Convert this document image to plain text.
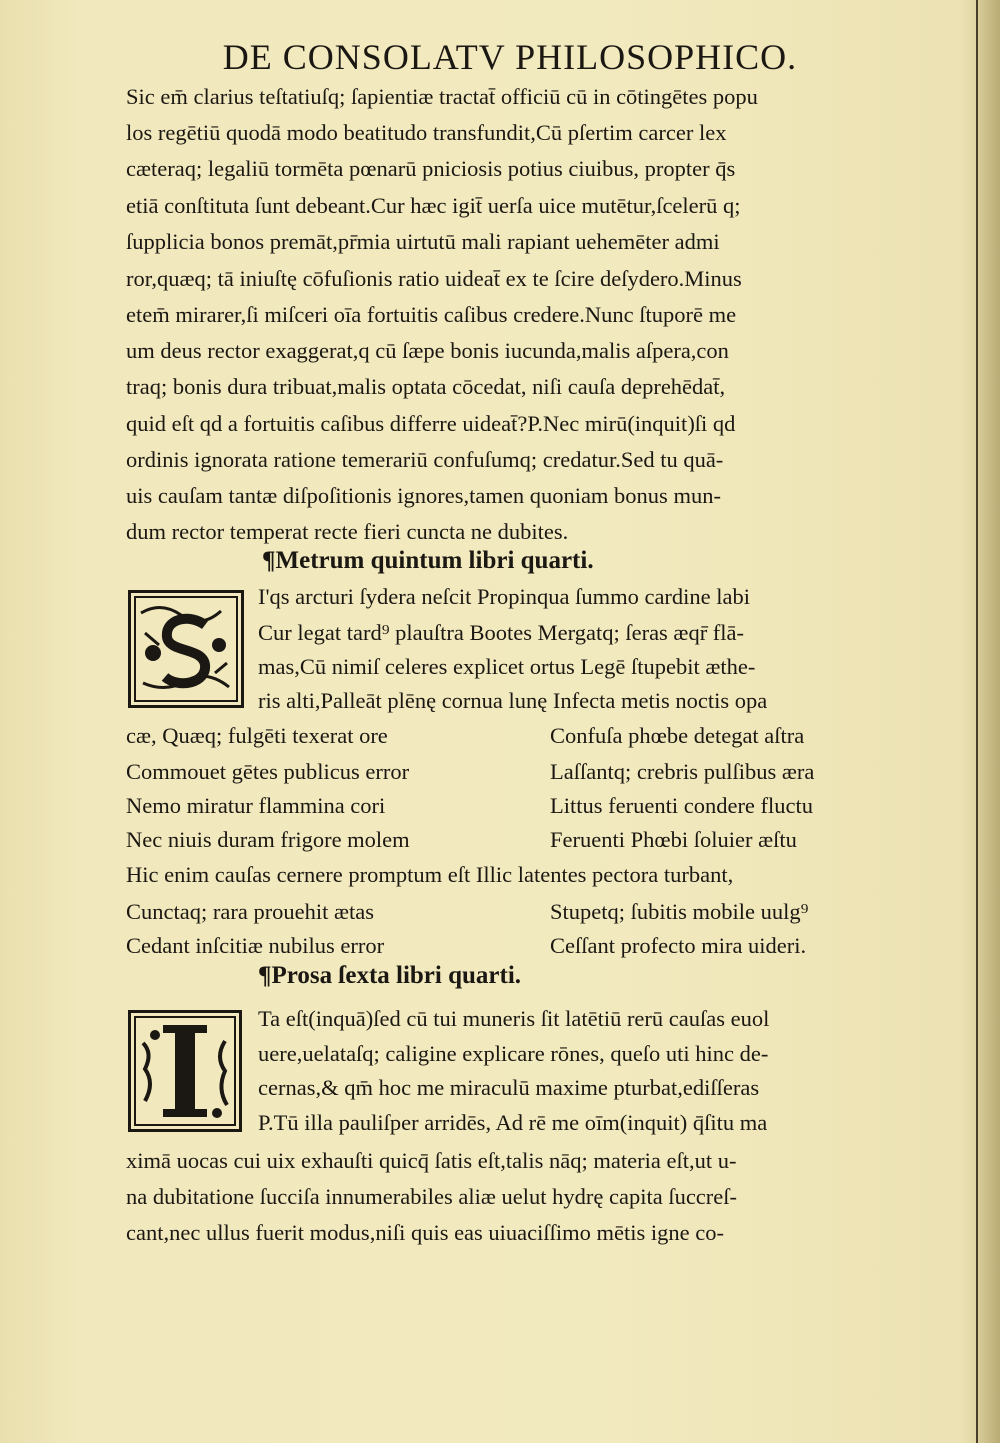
DE CONSOLATV PHILOSOPHICO.
Sic em̄ clarius teſtatiuſq; ſapientiæ tractat̄ officiū cū in cōtingētes popu
los regētiū quodā modo beatitudo transfundit,Cū pſertim carcer lex
cæteraq; legaliū tormēta pœnarū pniciosis potius ciuibus, propter q̄s
etiā conſtituta ſunt debeant.Cur hæc igit̄ uerſa uice mutētur,ſcelerū q;
ſupplicia bonos premāt,pr̄mia uirtutū mali rapiant uehemēter admi
ror,quæq; tā iniuſtę cōfuſionis ratio uideat̄ ex te ſcire deſydero.Minus
etem̄ mirarer,ſi miſceri oīa fortuitis caſibus credere.Nunc ſtuporē me
um deus rector exaggerat,q cū ſæpe bonis iucunda,malis aſpera,con
traq; bonis dura tribuat,malis optata cōcedat, niſi cauſa deprehēdat̄,
quid eſt qd a fortuitis caſibus differre uideat̄?P.Nec mirū(inquit)ſi qd
ordinis ignorata ratione temerariū confuſumq; credatur.Sed tu quā-
uis cauſam tantæ diſpoſitionis ignores,tamen quoniam bonus mun-
dum rector temperat recte fieri cuncta ne dubites.
¶Metrum quintum libri quarti.
I'qs arcturi ſydera neſcit Propinqua ſummo cardine labi
Cur legat tard⁹ plauſtra Bootes Mergatq; ſeras æqr̄ flā-
mas,Cū nimiſ celeres explicet ortus Legē ſtupebit æthe-
ris alti,Palleāt plēnę cornua lunę Infecta metis noctis opa
cæ, Quæq; fulgēti texerat ore	Confuſa phœbe detegat aſtra
Commouet gētes publicus error	Laſſantq; crebris pulſibus æra
Nemo miratur flammina cori	Littus feruenti condere fluctu
Nec niuis duram frigore molem	Feruenti Phœbi ſoluier æſtu
Hic enim cauſas cernere promptum eſt Illic latentes pectora turbant,
Cunctaq; rara prouehit ætas	Stupetq; ſubitis mobile uulg⁹
Cedant inſcitiæ nubilus error	Ceſſant profecto mira uideri.
¶Prosa ſexta libri quarti.
Ta eſt(inquā)ſed cū tui muneris ſit latētiū rerū cauſas euol
uere,uelataſq; caligine explicare rōnes, queſo uti hinc de-
cernas,& qm̄ hoc me miraculū maxime pturbat,ediſſeras
P.Tū illa pauliſper arridēs, Ad rē me oīm(inquit) q̄ſitu ma
ximā uocas cui uix exhauſti quicq̄ ſatis eſt,talis nāq; materia eſt,ut u-
na dubitatione ſucciſa innumerabiles aliæ uelut hydrę capita ſuccreſ-
cant,nec ullus fuerit modus,niſi quis eas uiuaciſſimo mētis igne co-
